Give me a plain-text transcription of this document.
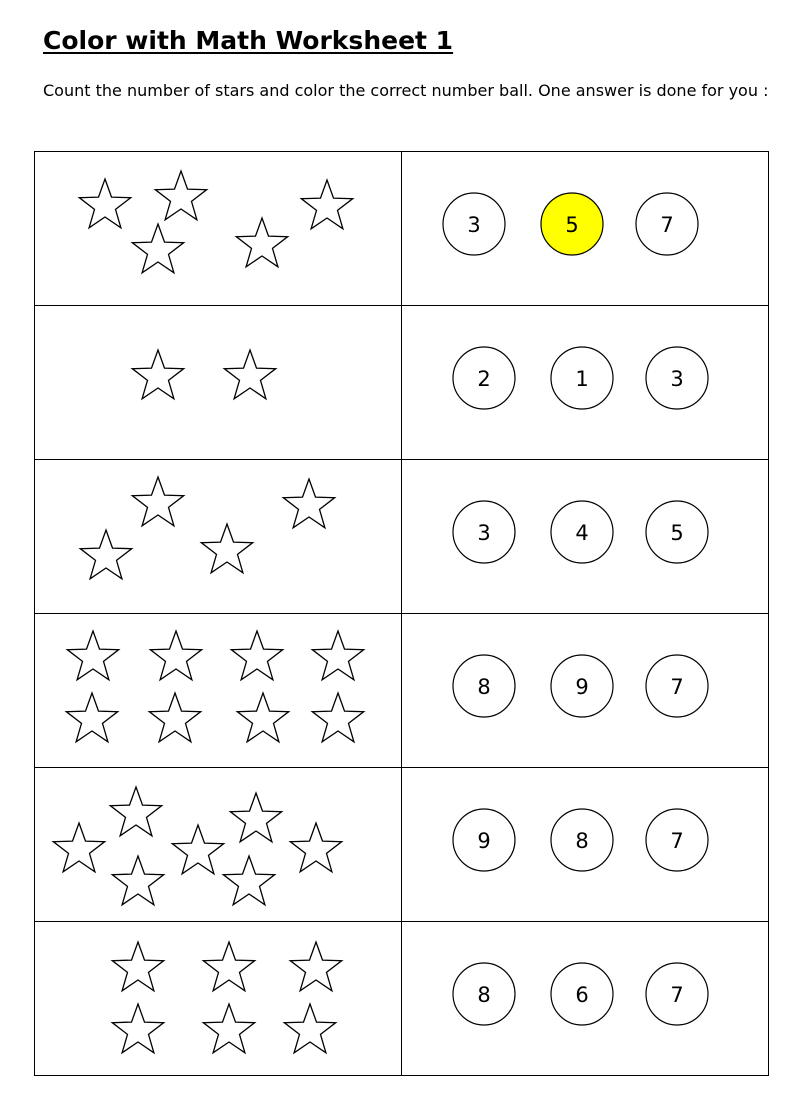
Color with Math Worksheet 1

Count the number of stars and color the correct number ball. One answer is done for you :

3 5 7

2 1 3

3 4 5

8 9 7

9 8 7

8 6 7
